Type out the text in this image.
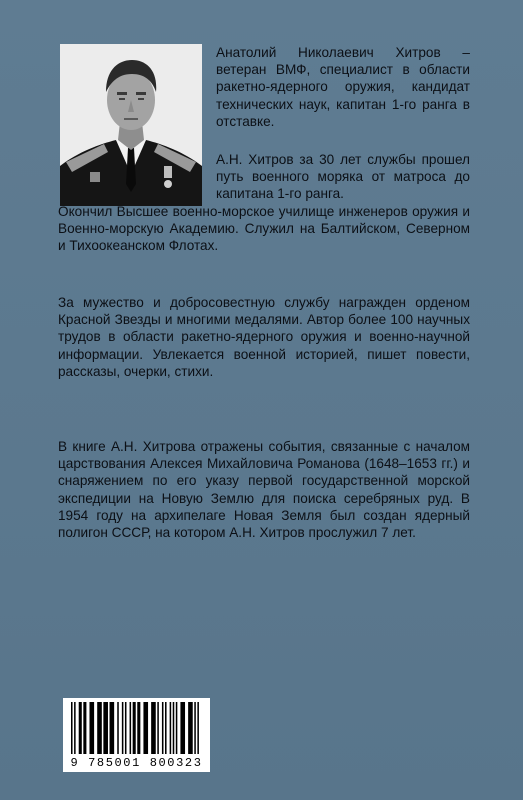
Анатолий Николаевич Хитров – ветеран ВМФ, специалист в области ракетно-ядерного оружия, кандидат технических наук, капитан 1-го ранга в отставке.

А.Н. Хитров за 30 лет службы прошел путь военного моряка от матроса до капитана 1-го ранга.
Окончил Высшее военно-морское училище инженеров оружия и Военно-морскую Академию. Служил на Балтийском, Северном и Тихоокеанском Флотах.

За мужество и добросовестную службу награжден орденом Красной Звезды и многими медалями. Автор более 100 научных трудов в области ракетно-ядерного оружия и военно-научной информации. Увлекается военной историей, пишет повести, рассказы, очерки, стихи.

В книге А.Н. Хитрова отражены события, связанные с началом царствования Алексея Михайловича Романова (1648–1653 гг.) и снаряжением по его указу первой государственной морской экспедиции на Новую Землю для поиска серебряных руд. В 1954 году на архипелаге Новая Земля был создан ядерный полигон СССР, на котором А.Н. Хитров прослужил 7 лет.

9 785001 800323
